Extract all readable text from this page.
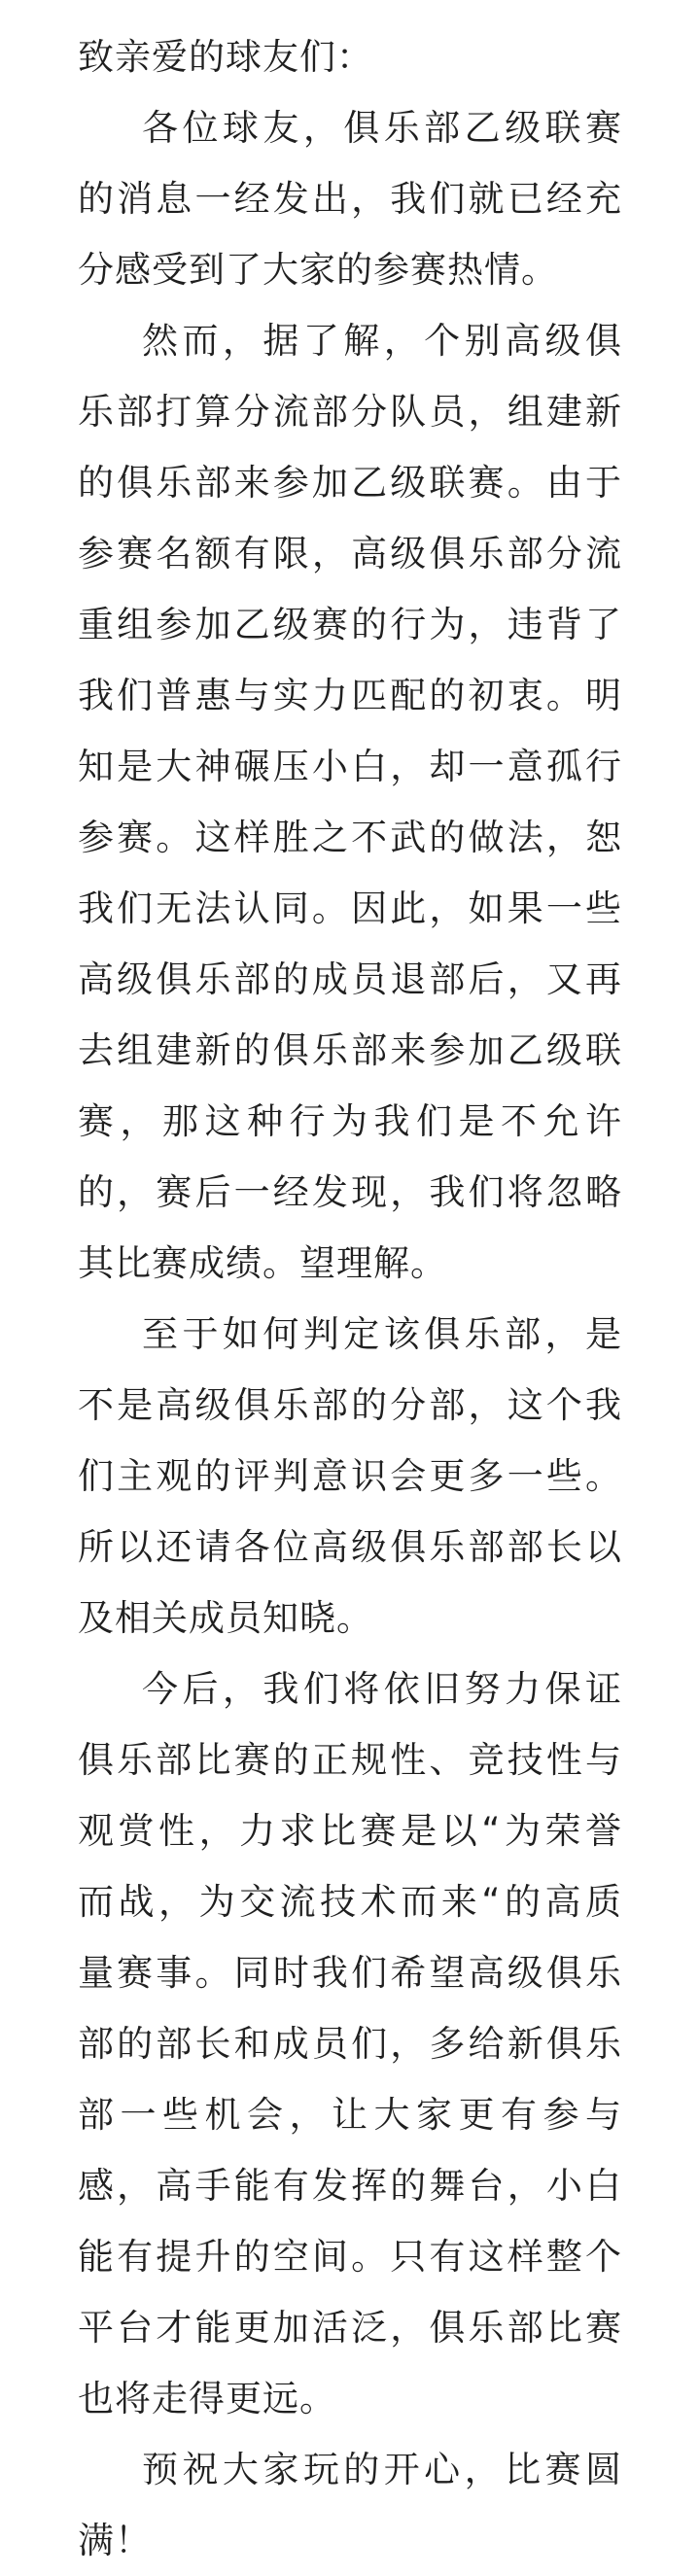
致亲爱的球友们：

各位球友，俱乐部乙级联赛
的消息一经发出，我们就已经充
分感受到了大家的参赛热情。
然而，据了解，个别高级俱
乐部打算分流部分队员，组建新
的俱乐部来参加乙级联赛。由于
参赛名额有限，高级俱乐部分流
重组参加乙级赛的行为，违背了
我们普惠与实力匹配的初衷。明
知是大神碾压小白，却一意孤行
参赛。这样胜之不武的做法，恕
我们无法认同。因此，如果一些
高级俱乐部的成员退部后，又再
去组建新的俱乐部来参加乙级联
赛，那这种行为我们是不允许
的，赛后一经发现，我们将忽略
其比赛成绩。望理解。
至于如何判定该俱乐部，是
不是高级俱乐部的分部，这个我
们主观的评判意识会更多一些。
所以还请各位高级俱乐部部长以
及相关成员知晓。
今后，我们将依旧努力保证
俱乐部比赛的正规性、竞技性与
观赏性，力求比赛是以“为荣誉
而战，为交流技术而来“的高质
量赛事。同时我们希望高级俱乐
部的部长和成员们，多给新俱乐
部一些机会，让大家更有参与
感，高手能有发挥的舞台，小白
能有提升的空间。只有这样整个
平台才能更加活泛，俱乐部比赛
也将走得更远。
预祝大家玩的开心，比赛圆
满！
